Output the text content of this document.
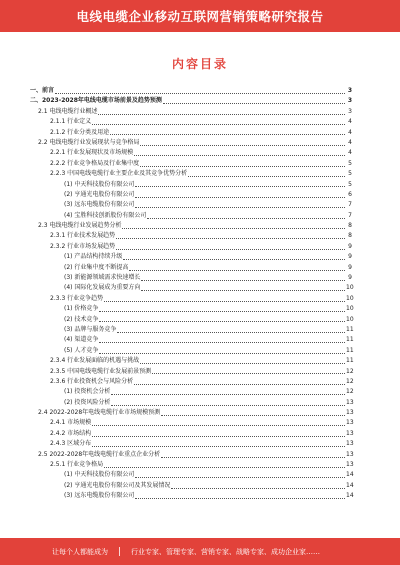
电线电缆企业移动互联网营销策略研究报告
内容目录
一、前言	3
二、2023-2028年电线电缆市场前景及趋势预测	3
2.1 电线电缆行业概述	3
2.1.1 行业定义	4
2.1.2 行业分类及用途	4
2.2 电线电缆行业发展现状与竞争格局	4
2.2.1 行业发展现状及市场规模	4
2.2.2 行业竞争格局及行业集中度	5
2.2.3 中国电线电缆行业主要企业及其竞争优势分析	5
(1) 中天科技股份有限公司	5
(2) 亨通光电股份有限公司	6
(3) 远东电缆股份有限公司	7
(4) 宝胜科技创新股份有限公司	7
2.3 电线电缆行业发展趋势分析	8
2.3.1 行业技术发展趋势	8
2.3.2 行业市场发展趋势	9
(1) 产品结构持续升级	9
(2) 行业集中度不断提高	9
(3) 新能源领域需求快速增长	9
(4) 国际化发展成为重要方向	10
2.3.3 行业竞争趋势	10
(1) 价格竞争	10
(2) 技术竞争	10
(3) 品牌与服务竞争	11
(4) 渠道竞争	11
(5) 人才竞争	11
2.3.4 行业发展面临的机遇与挑战	11
2.3.5 中国电线电缆行业发展前景预测	12
2.3.6 行业投资机会与风险分析	12
(1) 投资机会分析	12
(2) 投资风险分析	13
2.4 2022-2028年电线电缆行业市场规模预测	13
2.4.1 市场规模	13
2.4.2 市场结构	13
2.4.3 区域分布	13
2.5 2022-2028年电线电缆行业重点企业分析	13
2.5.1 行业竞争格局	13
(1) 中天科技股份有限公司	14
(2) 亨通光电股份有限公司及其发展情况	14
(3) 远东电缆股份有限公司	14
让每个人都能成为 | 行业专家、管理专家、营销专家、战略专家、成功企业家……
